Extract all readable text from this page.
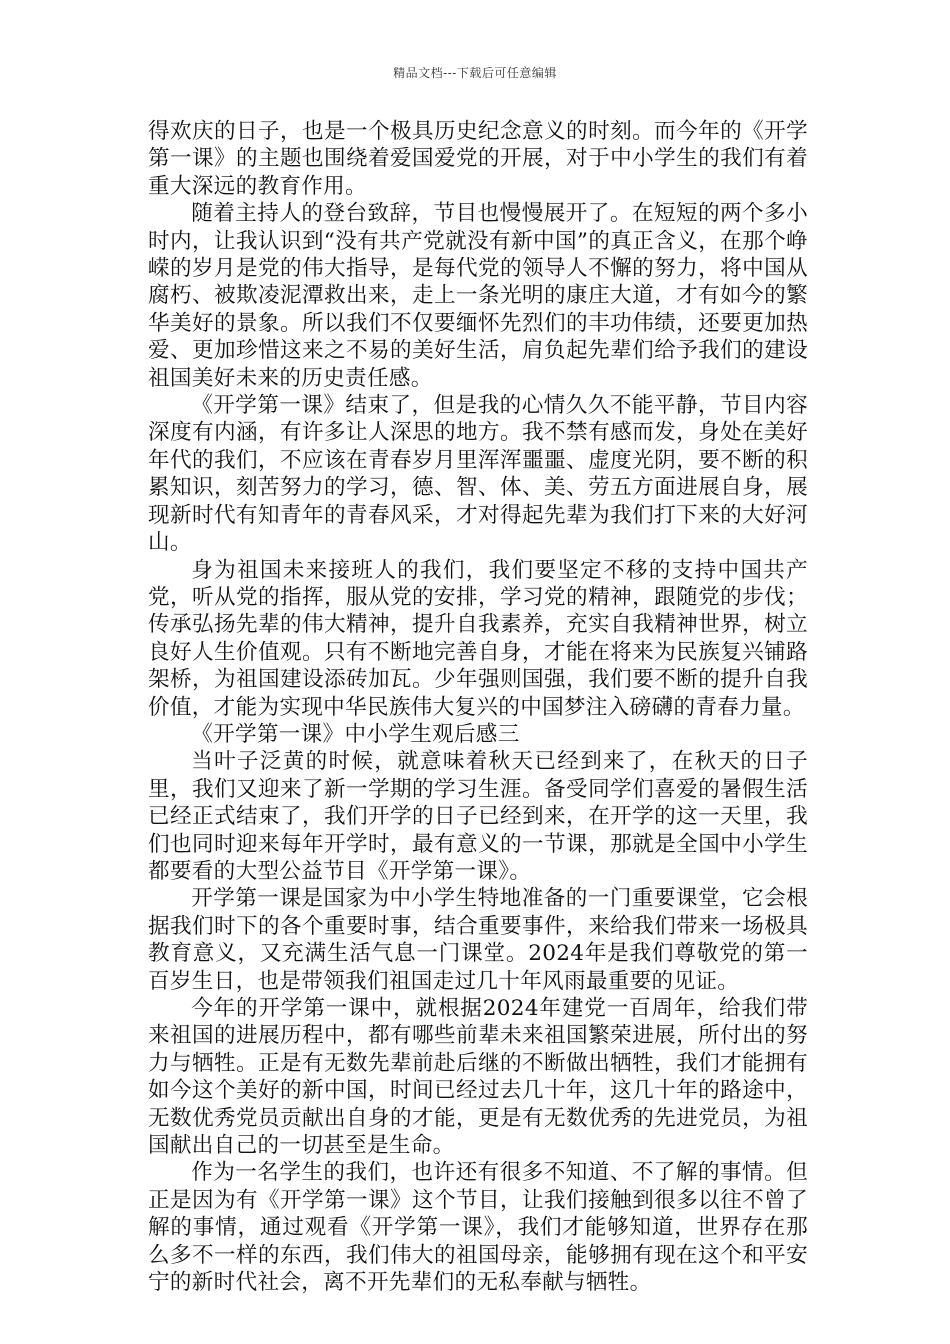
精品文档---下载后可任意编辑

得欢庆的日子，也是一个极具历史纪念意义的时刻。而今年的《开学第一课》的主题也围绕着爱国爱党的开展，对于中小学生的我们有着重大深远的教育作用。

随着主持人的登台致辞，节目也慢慢展开了。在短短的两个多小时内，让我认识到“没有共产党就没有新中国”的真正含义，在那个峥嵘的岁月是党的伟大指导，是每代党的领导人不懈的努力，将中国从腐朽、被欺凌泥潭救出来，走上一条光明的康庄大道，才有如今的繁华美好的景象。所以我们不仅要缅怀先烈们的丰功伟绩，还要更加热爱、更加珍惜这来之不易的美好生活，肩负起先辈们给予我们的建设祖国美好未来的历史责任感。

《开学第一课》结束了，但是我的心情久久不能平静，节目内容深度有内涵，有许多让人深思的地方。我不禁有感而发，身处在美好年代的我们，不应该在青春岁月里浑浑噩噩、虚度光阴，要不断的积累知识，刻苦努力的学习，德、智、体、美、劳五方面进展自身，展现新时代有知青年的青春风采，才对得起先辈为我们打下来的大好河山。

身为祖国未来接班人的我们，我们要坚定不移的支持中国共产党，听从党的指挥，服从党的安排，学习党的精神，跟随党的步伐；传承弘扬先辈的伟大精神，提升自我素养，充实自我精神世界，树立良好人生价值观。只有不断地完善自身，才能在将来为民族复兴铺路架桥，为祖国建设添砖加瓦。少年强则国强，我们要不断的提升自我价值，才能为实现中华民族伟大复兴的中国梦注入磅礴的青春力量。

《开学第一课》中小学生观后感三

当叶子泛黄的时候，就意味着秋天已经到来了，在秋天的日子里，我们又迎来了新一学期的学习生涯。备受同学们喜爱的暑假生活已经正式结束了，我们开学的日子已经到来，在开学的这一天里，我们也同时迎来每年开学时，最有意义的一节课，那就是全国中小学生都要看的大型公益节目《开学第一课》。

开学第一课是国家为中小学生特地准备的一门重要课堂，它会根据我们时下的各个重要时事，结合重要事件，来给我们带来一场极具教育意义，又充满生活气息一门课堂。2024年是我们尊敬党的第一百岁生日，也是带领我们祖国走过几十年风雨最重要的见证。

今年的开学第一课中，就根据2024年建党一百周年，给我们带来祖国的进展历程中，都有哪些前辈未来祖国繁荣进展，所付出的努力与牺牲。正是有无数先辈前赴后继的不断做出牺牲，我们才能拥有如今这个美好的新中国，时间已经过去几十年，这几十年的路途中，无数优秀党员贡献出自身的才能，更是有无数优秀的先进党员，为祖国献出自己的一切甚至是生命。

作为一名学生的我们，也许还有很多不知道、不了解的事情。但正是因为有《开学第一课》这个节目，让我们接触到很多以往不曾了解的事情，通过观看《开学第一课》，我们才能够知道，世界存在那么多不一样的东西，我们伟大的祖国母亲，能够拥有现在这个和平安宁的新时代社会，离不开先辈们的无私奉献与牺牲。
